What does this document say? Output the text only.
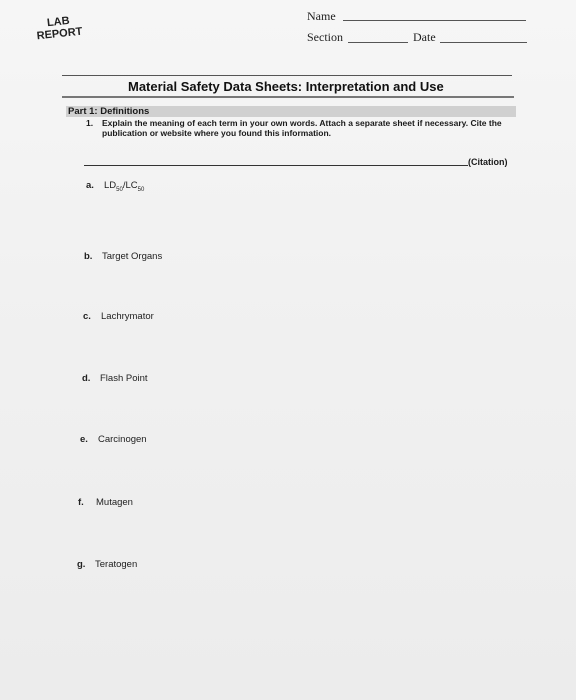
LAB
REPORT
Name
Section	Date
Material Safety Data Sheets: Interpretation and Use
Part 1: Definitions
1. Explain the meaning of each term in your own words. Attach a separate sheet if necessary. Cite the publication or website where you found this information.
(Citation)
a. $LD_{50}/LC_{50}$
b. Target Organs
c. Lachrymator
d. Flash Point
e. Carcinogen
f. Mutagen
g. Teratogen
